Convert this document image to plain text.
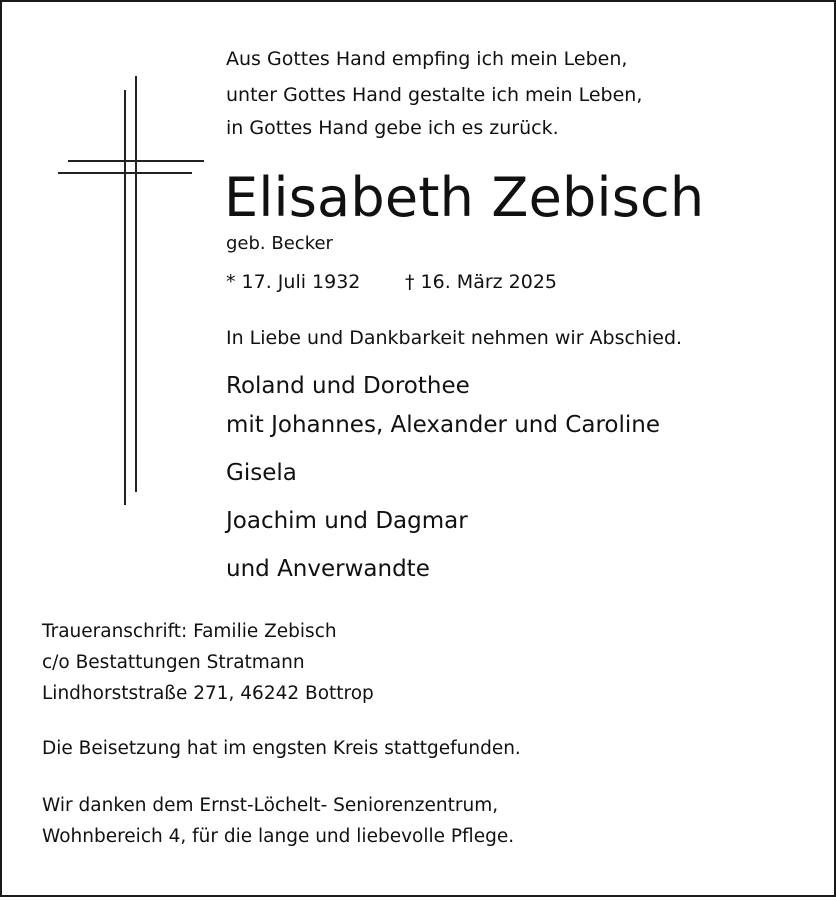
Aus Gottes Hand empfing ich mein Leben,

unter Gottes Hand gestalte ich mein Leben,

in Gottes Hand gebe ich es zurück.

Elisabeth Zebisch

geb. Becker

* 17. Juli 1932 † 16. März 2025

In Liebe und Dankbarkeit nehmen wir Abschied.

Roland und Dorothee

mit Johannes, Alexander und Caroline

Gisela

Joachim und Dagmar

und Anverwandte

Traueranschrift: Familie Zebisch

c/o Bestattungen Stratmann

Lindhorststraße 271, 46242 Bottrop

Die Beisetzung hat im engsten Kreis stattgefunden.

Wir danken dem Ernst-Löchelt- Seniorenzentrum,

Wohnbereich 4, für die lange und liebevolle Pflege.
